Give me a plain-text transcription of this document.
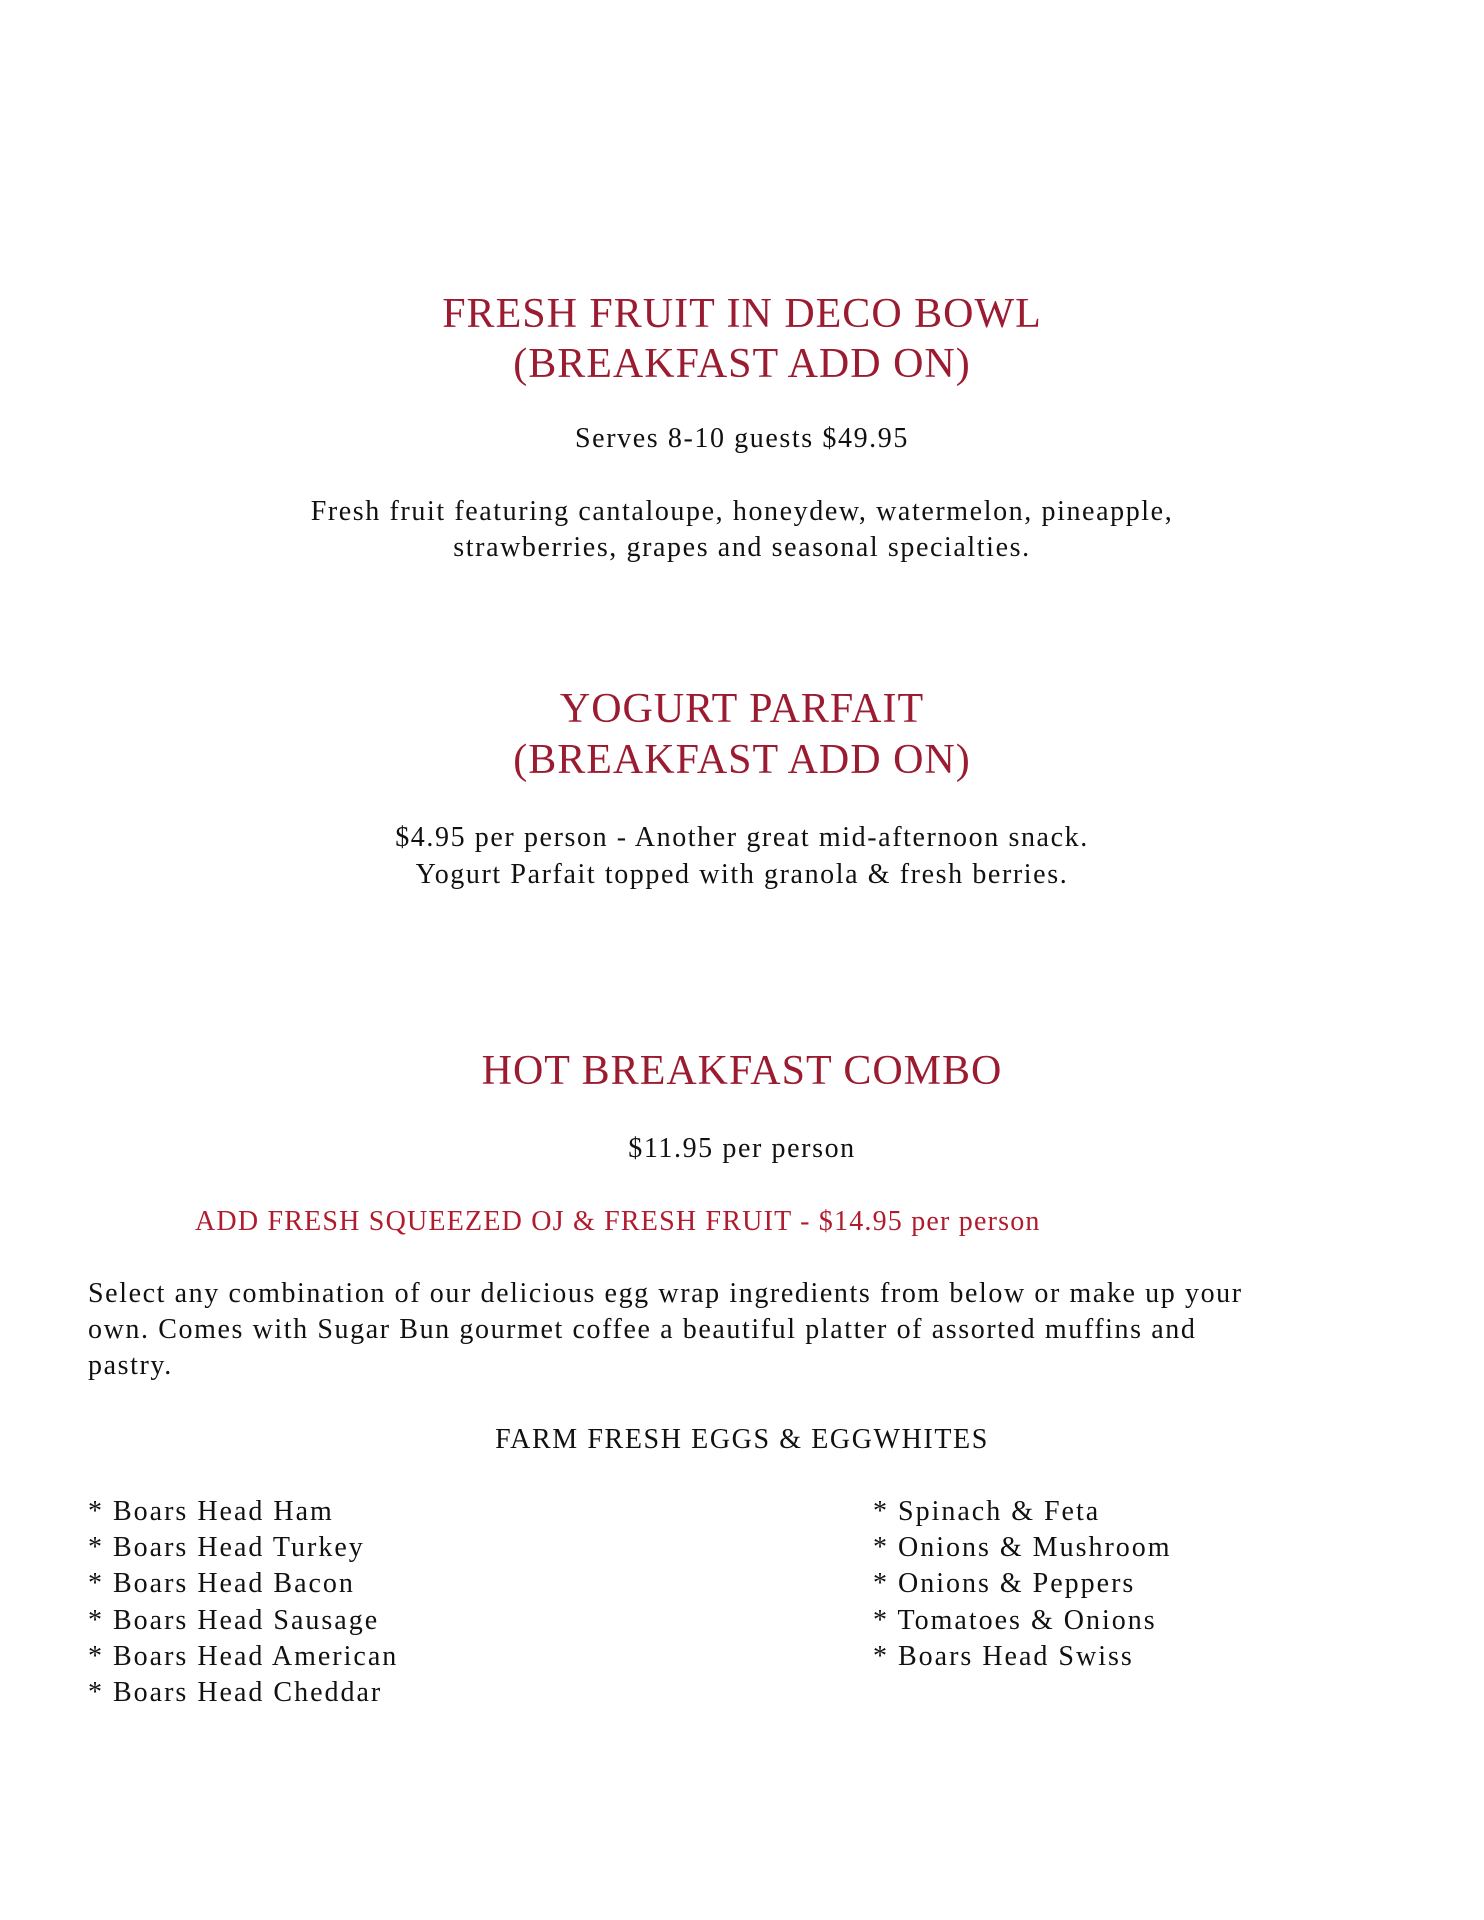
FRESH FRUIT IN DECO BOWL
(BREAKFAST ADD ON)

Serves 8-10 guests $49.95

Fresh fruit featuring cantaloupe, honeydew, watermelon, pineapple,

strawberries, grapes and seasonal specialties.

YOGURT PARFAIT
(BREAKFAST ADD ON)

$4.95 per person - Another great mid-afternoon snack.

Yogurt Parfait topped with granola & fresh berries.

HOT BREAKFAST COMBO

$11.95 per person

ADD FRESH SQUEEZED OJ & FRESH FRUIT - $14.95 per person

Select any combination of our delicious egg wrap ingredients from below or make up your

own. Comes with Sugar Bun gourmet coffee a beautiful platter of assorted muffins and

pastry.

FARM FRESH EGGS & EGGWHITES

* Boars Head Ham
* Boars Head Turkey
* Boars Head Bacon
* Boars Head Sausage
* Boars Head American
* Boars Head Cheddar
* Spinach & Feta
* Onions & Mushroom
* Onions & Peppers
* Tomatoes & Onions
* Boars Head Swiss
